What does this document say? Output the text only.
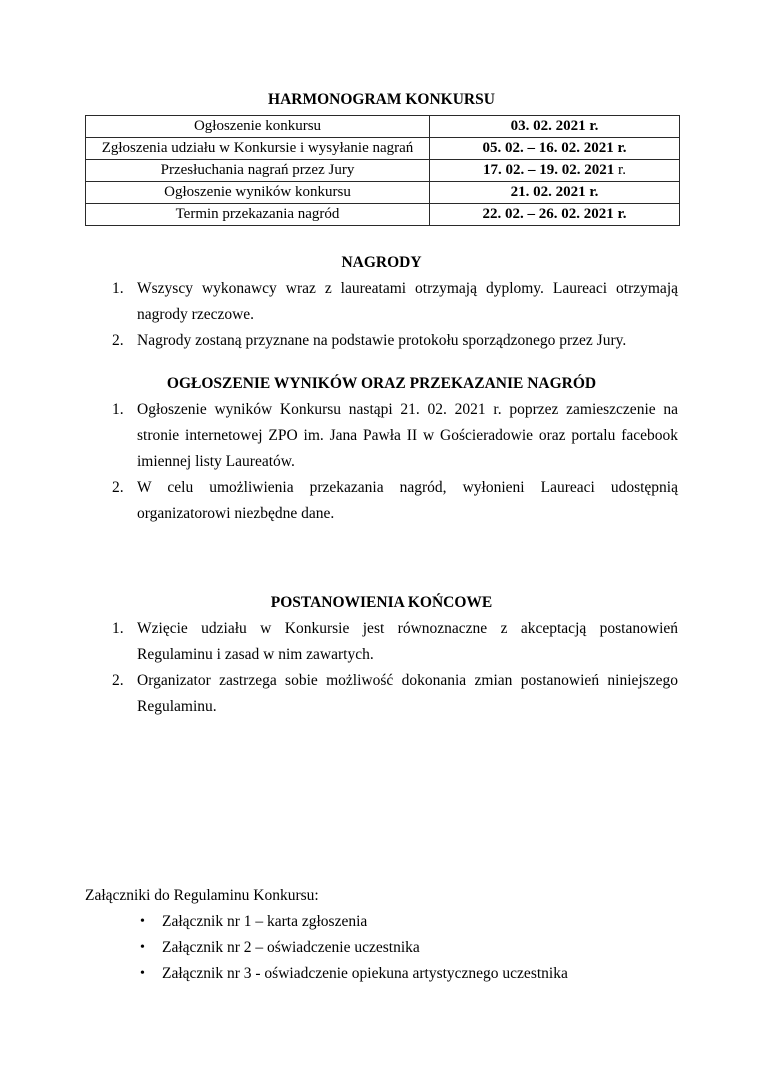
HARMONOGRAM KONKURSU
Ogłoszenie konkursu	03. 02. 2021 r.
Zgłoszenia udziału w Konkursie i wysyłanie nagrań	05. 02. – 16. 02. 2021 r.
Przesłuchania nagrań przez Jury	17. 02. – 19. 02. 2021 r.
Ogłoszenie wyników konkursu	21. 02. 2021 r.
Termin przekazania nagród	22. 02. – 26. 02. 2021 r.
NAGRODY
1. Wszyscy wykonawcy wraz z laureatami otrzymają dyplomy. Laureaci otrzymają nagrody rzeczowe.
2. Nagrody zostaną przyznane na podstawie protokołu sporządzonego przez Jury.
OGŁOSZENIE WYNIKÓW ORAZ PRZEKAZANIE NAGRÓD
1. Ogłoszenie wyników Konkursu nastąpi 21. 02. 2021 r. poprzez zamieszczenie na stronie internetowej ZPO im. Jana Pawła II w Gościeradowie oraz portalu facebook imiennej listy Laureatów.
2. W celu umożliwienia przekazania nagród, wyłonieni Laureaci udostępnią organizatorowi niezbędne dane.
POSTANOWIENIA KOŃCOWE
1. Wzięcie udziału w Konkursie jest równoznaczne z akceptacją postanowień Regulaminu i zasad w nim zawartych.
2. Organizator zastrzega sobie możliwość dokonania zmian postanowień niniejszego Regulaminu.
Załączniki do Regulaminu Konkursu:
• Załącznik nr 1 – karta zgłoszenia
• Załącznik nr 2 – oświadczenie uczestnika
• Załącznik nr 3 - oświadczenie opiekuna artystycznego uczestnika
